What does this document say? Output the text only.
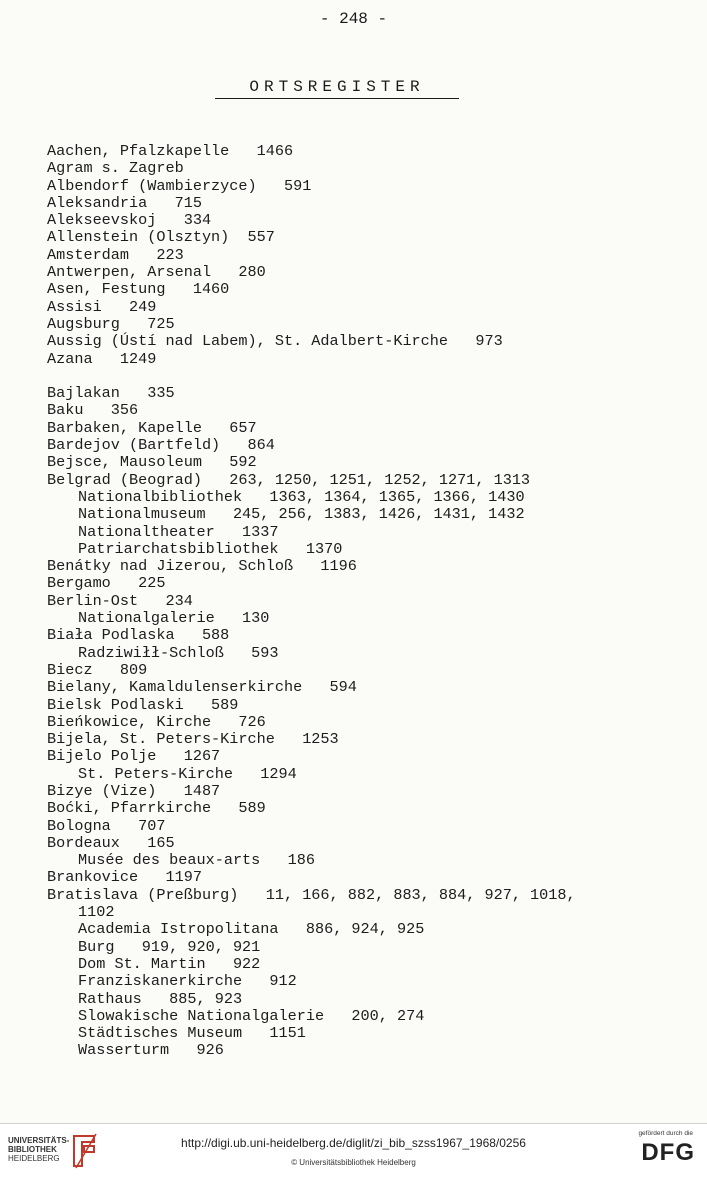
- 248 -
ORTSREGISTER
Aachen, Pfalzkapelle   1466
Agram s. Zagreb
Albendorf (Wambierzyce)   591
Aleksandria   715
Alekseevskoj   334
Allenstein (Olsztyn)  557
Amsterdam   223
Antwerpen, Arsenal   280
Asen, Festung   1460
Assisi   249
Augsburg   725
Aussig (Ústí nad Labem), St. Adalbert-Kirche   973
Azana   1249
Bajlakan   335
Baku   356
Barbaken, Kapelle   657
Bardejov (Bartfeld)   864
Bejsce, Mausoleum   592
Belgrad (Beograd)   263, 1250, 1251, 1252, 1271, 1313
Nationalbibliothek   1363, 1364, 1365, 1366, 1430
Nationalmuseum   245, 256, 1383, 1426, 1431, 1432
Nationaltheater   1337
Patriarchatsbibliothek   1370
Benátky nad Jizerou, Schloß   1196
Bergamo   225
Berlin-Ost   234
Nationalgalerie   130
Biała Podlaska   588
Radziwiłł-Schloß   593
Biecz   809
Bielany, Kamaldulenserkirche   594
Bielsk Podlaski   589
Bieńkowice, Kirche   726
Bijela, St. Peters-Kirche   1253
Bijelo Polje   1267
St. Peters-Kirche   1294
Bizye (Vize)   1487
Boćki, Pfarrkirche   589
Bologna   707
Bordeaux   165
Musée des beaux-arts   186
Brankovice   1197
Bratislava (Preßburg)   11, 166, 882, 883, 884, 927, 1018,
1102
Academia Istropolitana   886, 924, 925
Burg   919, 920, 921
Dom St. Martin   922
Franziskanerkirche   912
Rathaus   885, 923
Slowakische Nationalgalerie   200, 274
Städtisches Museum   1151
Wasserturm   926
UNIVERSITÄTS-
BIBLIOTHEK
HEIDELBERG
http://digi.ub.uni-heidelberg.de/diglit/zi_bib_szss1967_1968/0256
© Universitätsbibliothek Heidelberg
gefördert durch die
DFG
